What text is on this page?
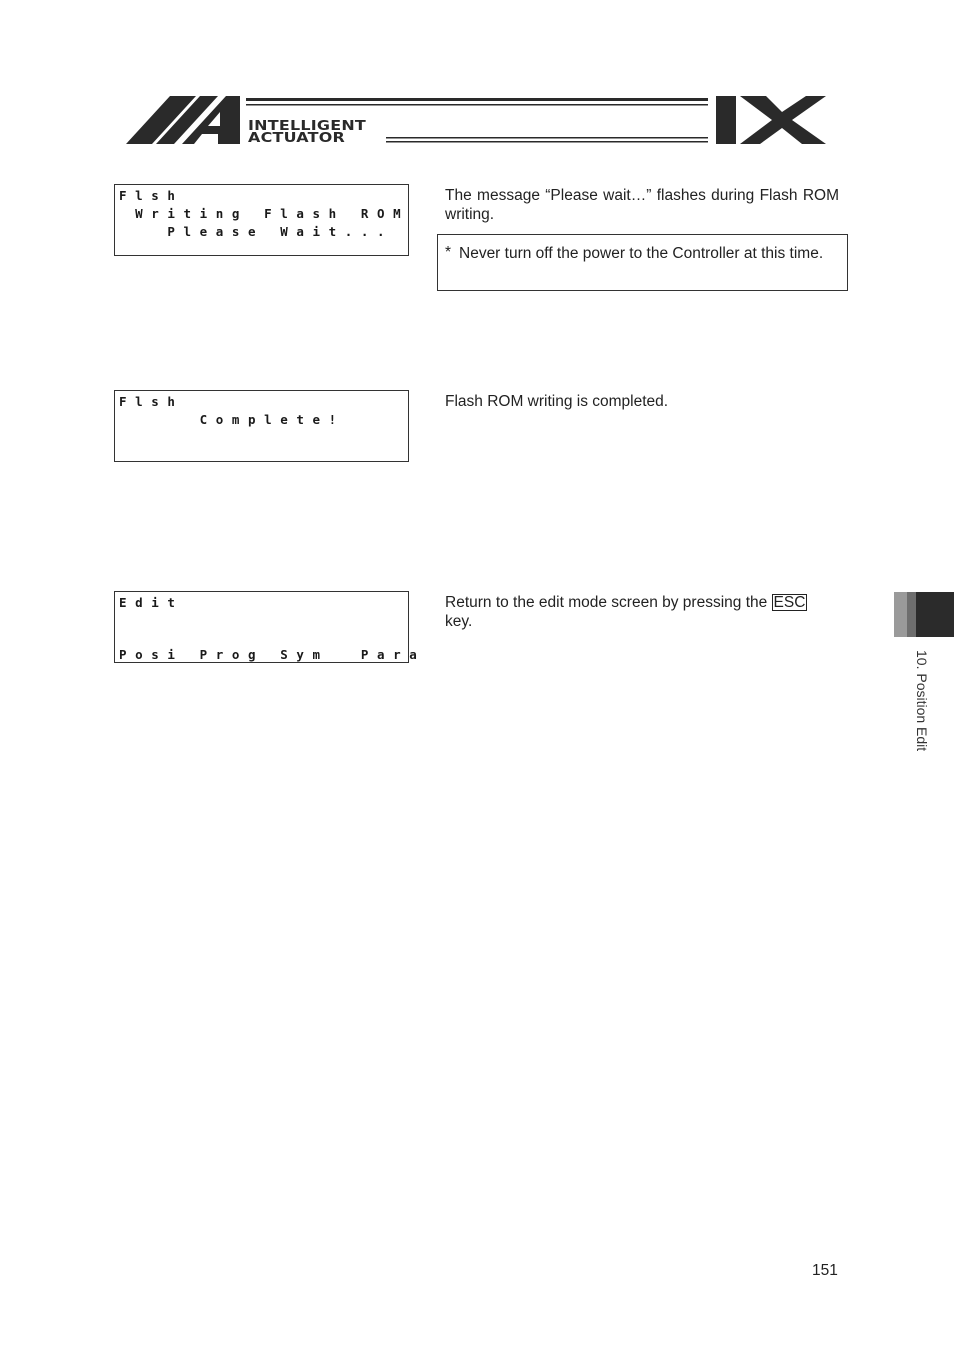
INTELLIGENT
ACTUATOR
Flsh
Writing Flash ROM
Please Wait...
The message “Please wait…” flashes during Flash ROM writing.
* Never turn off the power to the Controller at this time.
Flsh
Complete!
Flash ROM writing is completed.
Edit
Posi Prog Sym  Para
Return to the edit mode screen by pressing the ESC
key.
10. Position Edit
151
